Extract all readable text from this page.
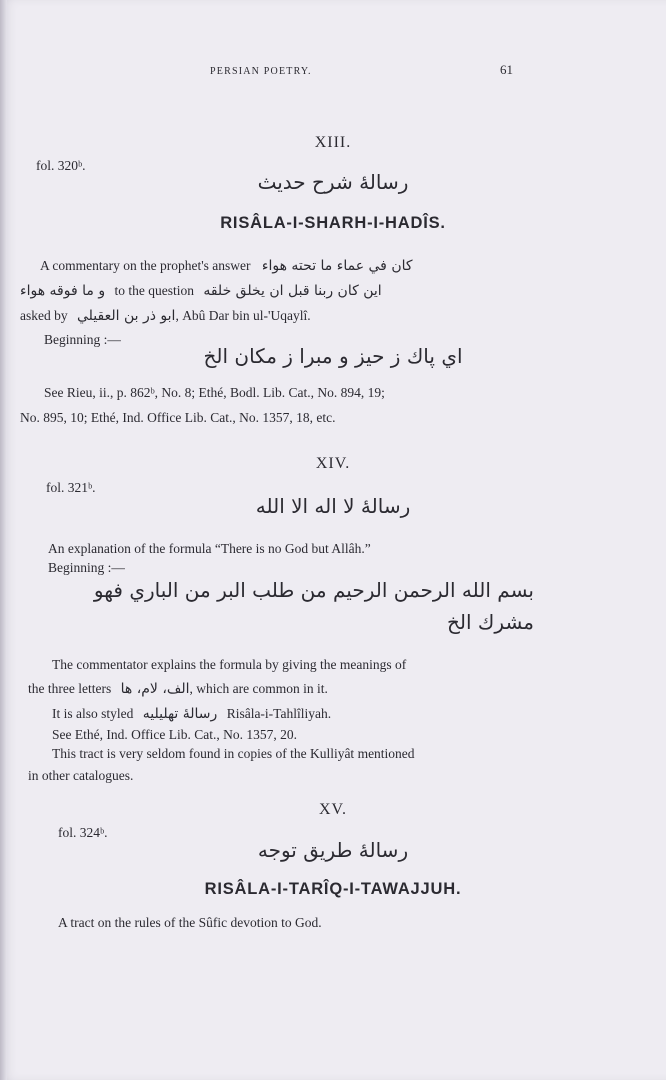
PERSIAN POETRY.	61
XIII.
fol. 320ᵇ.
رسالهٔ شرح حدیث
RISÂLA-I-SHARH-I-HADÎS.
A commentary on the prophet's answer کان في عماء ما تحته هواء
و ما فوقه هواء to the question این کان ربنا قبل ان یخلق خلقه
asked by ابو ذر بن العقیلي, Abû Dar bin ul-'Uqaylî.
Beginning :—
اي پاك ز حیز و مبرا ز مكان الخ
See Rieu, ii., p. 862ᵇ, No. 8; Ethé, Bodl. Lib. Cat., No. 894, 19;
No. 895, 10; Ethé, Ind. Office Lib. Cat., No. 1357, 18, etc.
XIV.
fol. 321ᵇ.
رسالهٔ لا اله الا الله
An explanation of the formula “There is no God but Allâh.”
Beginning :—
بسم الله الرحمن الرحیم من طلب البر من الباري فهو
مشرك الخ
The commentator explains the formula by giving the meanings of
the three letters الف، لام، ها, which are common in it.
It is also styled رسالهٔ تهلیلیه Risâla-i-Tahlîliyah.
See Ethé, Ind. Office Lib. Cat., No. 1357, 20.
This tract is very seldom found in copies of the Kulliyât mentioned
in other catalogues.
XV.
fol. 324ᵇ.
رسالهٔ طریق توجه
RISÂLA-I-TARÎQ-I-TAWAJJUH.
A tract on the rules of the Sûfic devotion to God.
